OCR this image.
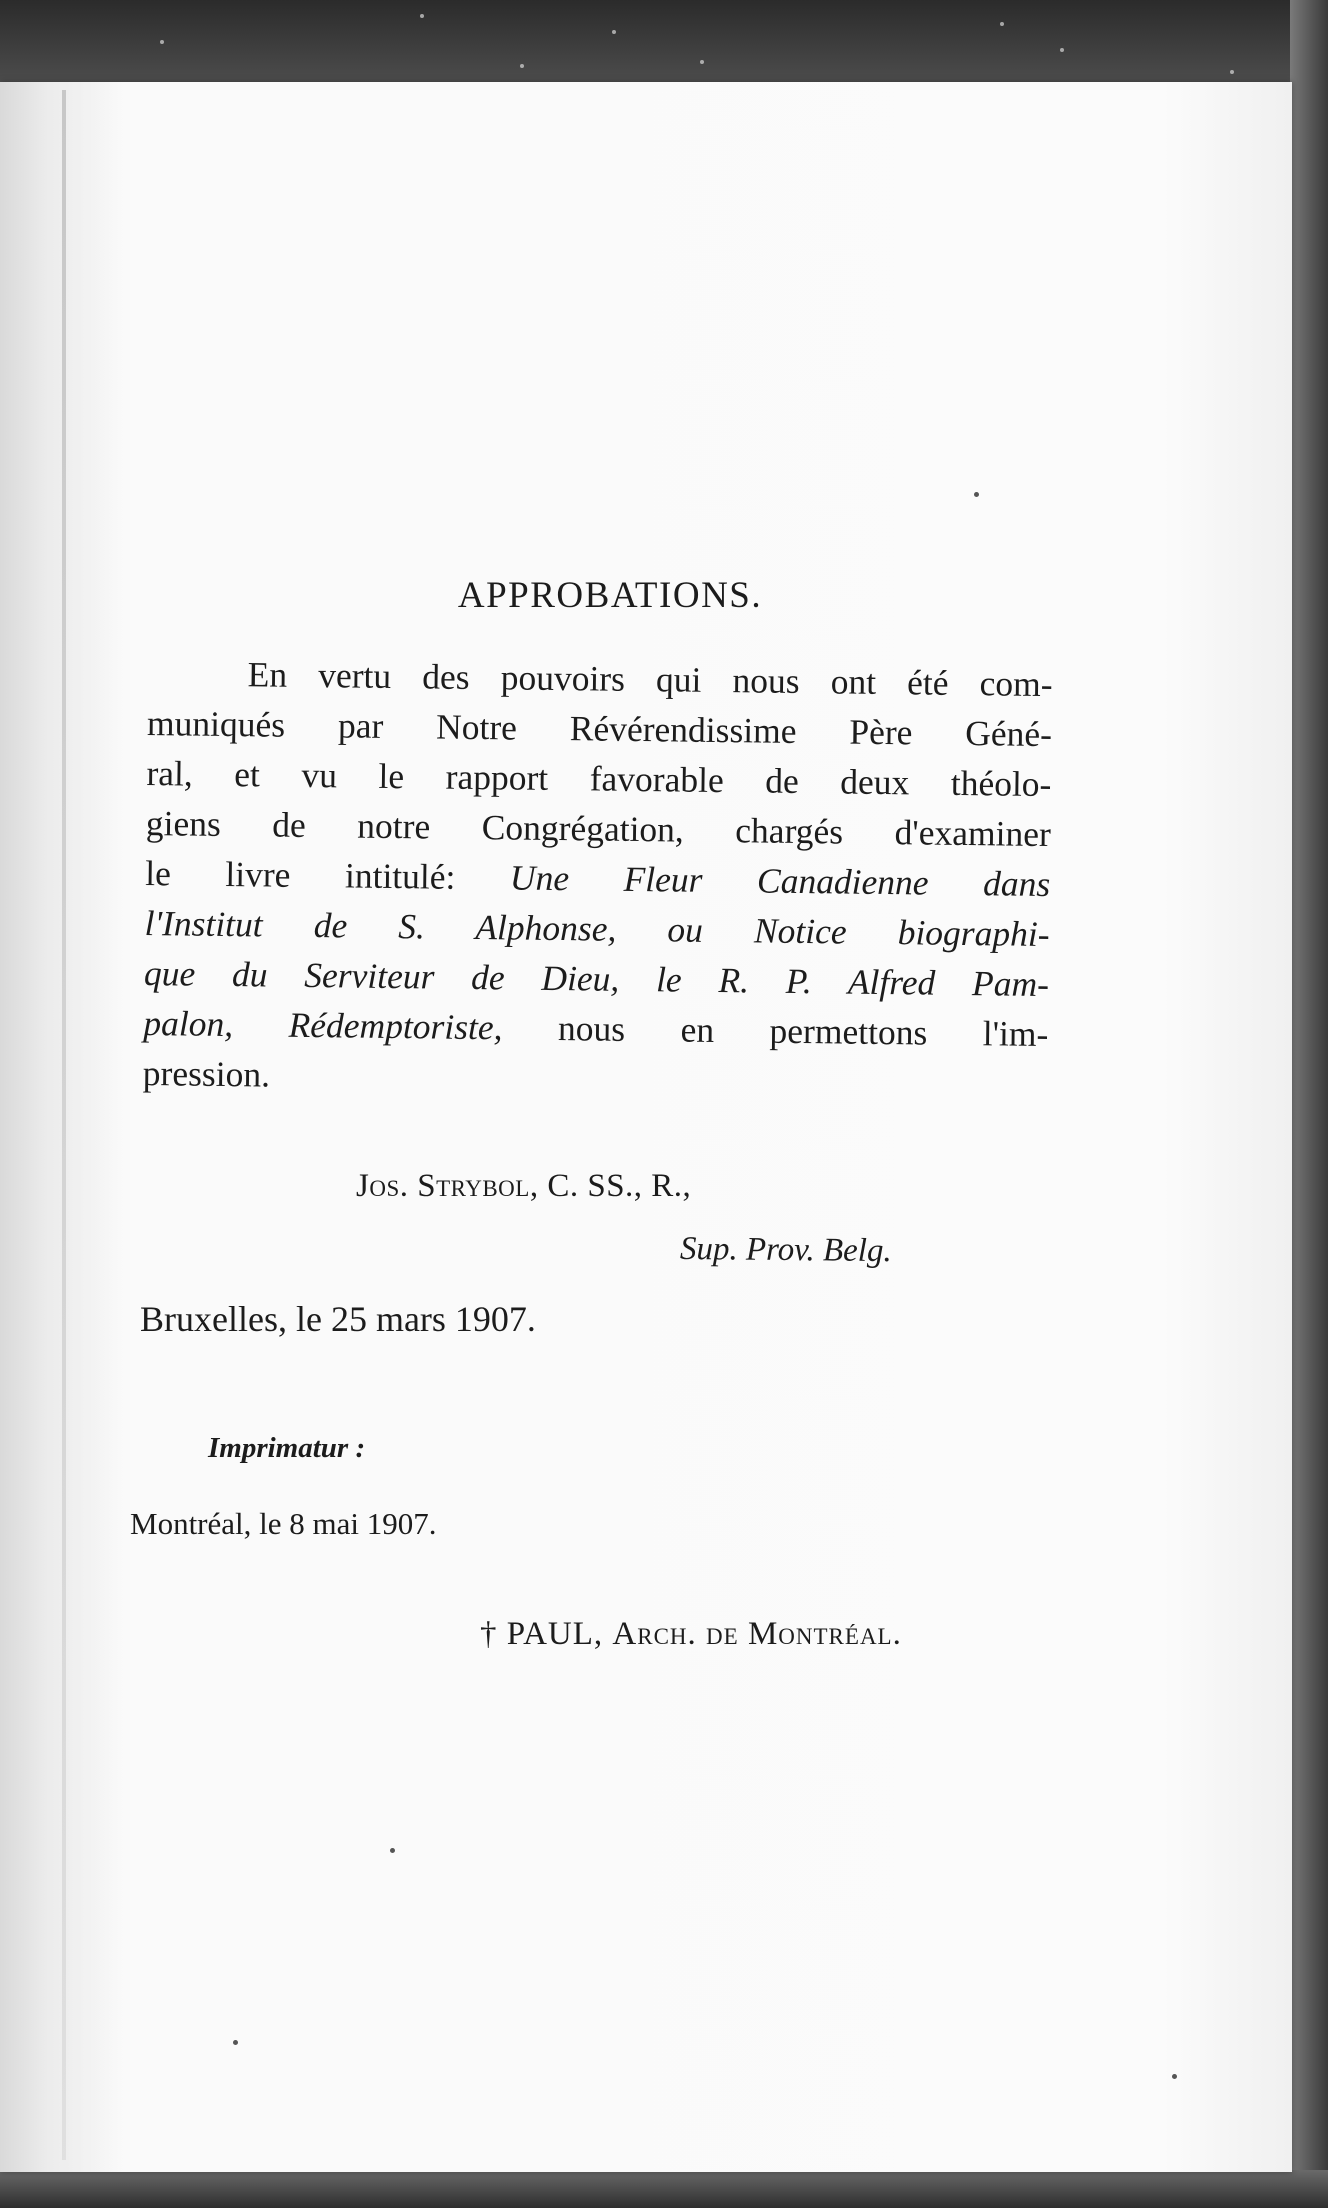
APPROBATIONS.

En vertu des pouvoirs qui nous ont été com-
muniqués par Notre Révérendissime Père Géné-
ral, et vu le rapport favorable de deux théolo-
giens de notre Congrégation, chargés d'examiner
le livre intitulé: Une Fleur Canadienne dans
l'Institut de S. Alphonse, ou Notice biographi-
que du Serviteur de Dieu, le R. P. Alfred Pam-
palon, Rédemptoriste, nous en permettons l'im-
pression.

Jos. Strybol, C. SS., R.,

Sup. Prov. Belg.

Bruxelles, le 25 mars 1907.

Imprimatur :

Montréal, le 8 mai 1907.

† PAUL, Arch. de Montréal.
